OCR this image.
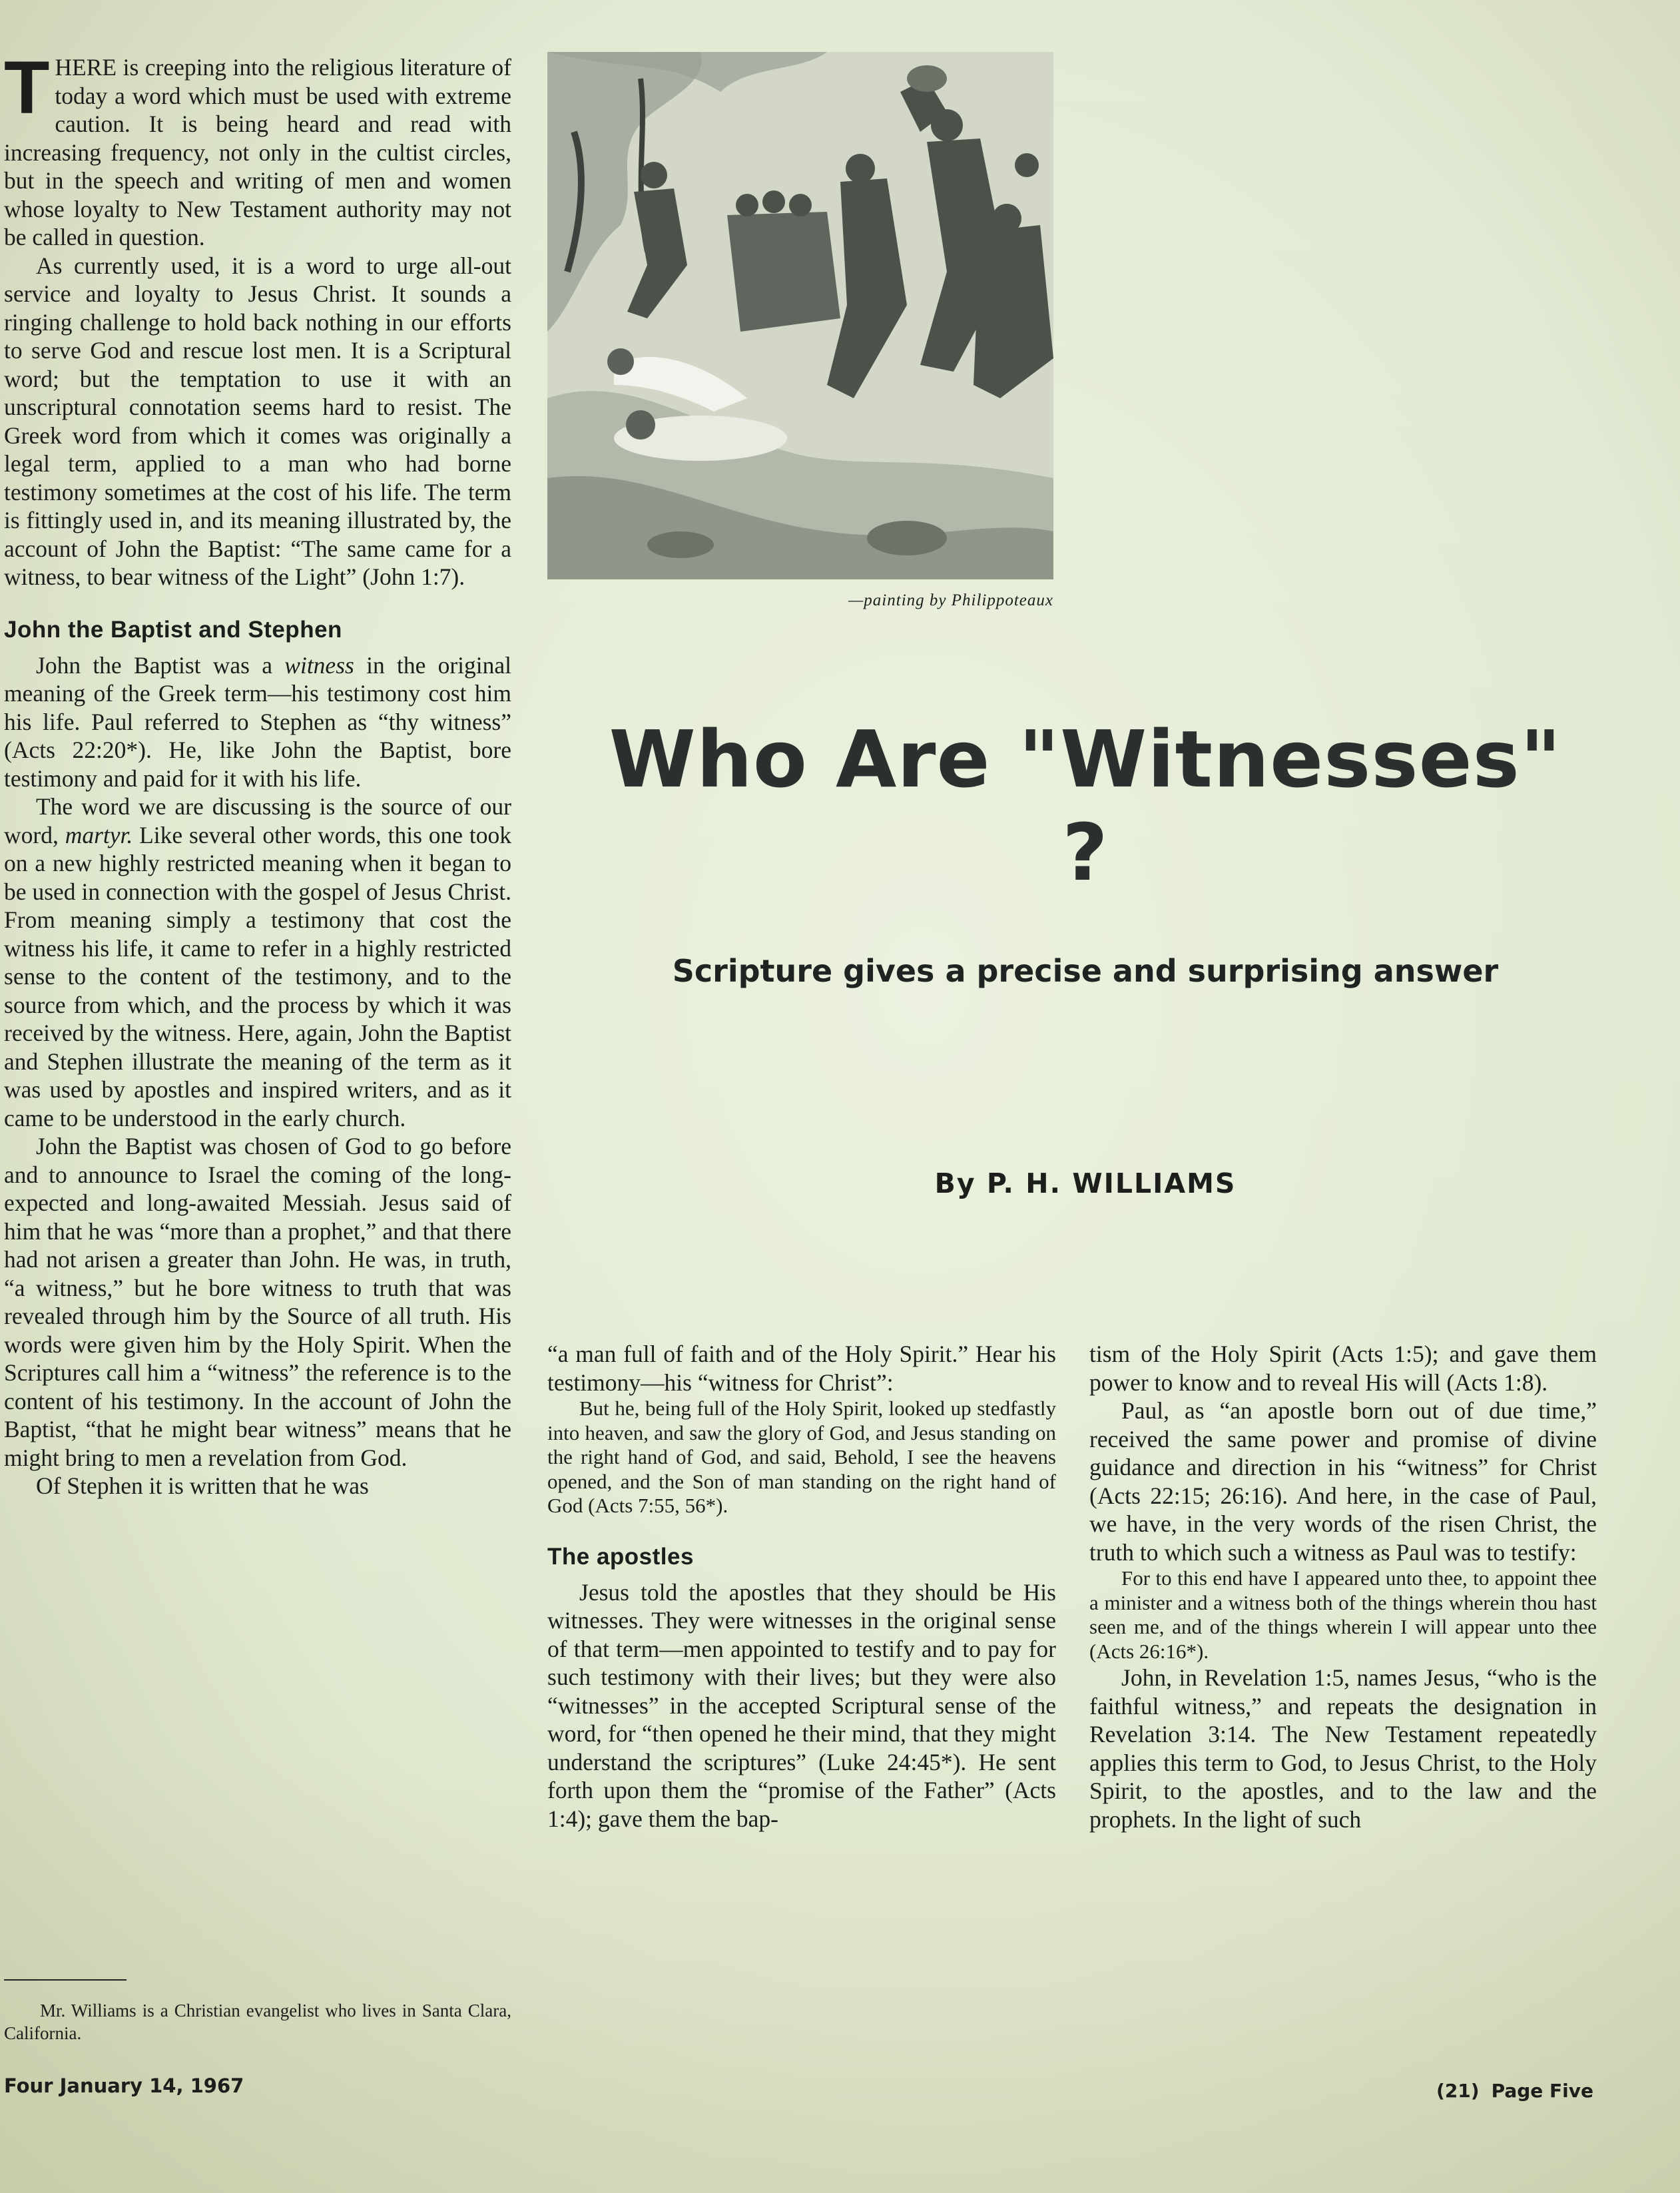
THERE is creeping into the religious literature of today a word which must be used with extreme caution. It is being heard and read with increasing frequency, not only in the cultist circles, but in the speech and writing of men and women whose loyalty to New Testament authority may not be called in question.

As currently used, it is a word to urge all-out service and loyalty to Jesus Christ. It sounds a ringing challenge to hold back nothing in our efforts to serve God and rescue lost men. It is a Scriptural word; but the temptation to use it with an unscriptural connotation seems hard to resist. The Greek word from which it comes was originally a legal term, applied to a man who had borne testimony sometimes at the cost of his life. The term is fittingly used in, and its meaning illustrated by, the account of John the Baptist: “The same came for a witness, to bear witness of the Light” (John 1:7).

John the Baptist and Stephen

John the Baptist was a witness in the original meaning of the Greek term—his testimony cost him his life. Paul referred to Stephen as “thy witness” (Acts 22:20*). He, like John the Baptist, bore testimony and paid for it with his life.

The word we are discussing is the source of our word, martyr. Like several other words, this one took on a new highly restricted meaning when it began to be used in connection with the gospel of Jesus Christ. From meaning simply a testimony that cost the witness his life, it came to refer in a highly restricted sense to the content of the testimony, and to the source from which, and the process by which it was received by the witness. Here, again, John the Baptist and Stephen illustrate the meaning of the term as it was used by apostles and inspired writers, and as it came to be understood in the early church.

John the Baptist was chosen of God to go before and to announce to Israel the coming of the long-expected and long-awaited Messiah. Jesus said of him that he was “more than a prophet,” and that there had not arisen a greater than John. He was, in truth, “a witness,” but he bore witness to truth that was revealed through him by the Source of all truth. His words were given him by the Holy Spirit. When the Scriptures call him a “witness” the reference is to the content of his testimony. In the account of John the Baptist, “that he might bear witness” means that he might bring to men a revelation from God.

Of Stephen it is written that he was

—painting by Philippoteaux
Who Are "Witnesses" ?
Scripture gives a precise and surprising answer
By P. H. WILLIAMS

“a man full of faith and of the Holy Spirit.” Hear his testimony—his “witness for Christ”:

But he, being full of the Holy Spirit, looked up stedfastly into heaven, and saw the glory of God, and Jesus standing on the right hand of God, and said, Behold, I see the heavens opened, and the Son of man standing on the right hand of God (Acts 7:55, 56*).

The apostles

Jesus told the apostles that they should be His witnesses. They were witnesses in the original sense of that term—men appointed to testify and to pay for such testimony with their lives; but they were also “witnesses” in the accepted Scriptural sense of the word, for “then opened he their mind, that they might understand the scriptures” (Luke 24:45*). He sent forth upon them the “promise of the Father” (Acts 1:4); gave them the bap-

tism of the Holy Spirit (Acts 1:5); and gave them power to know and to reveal His will (Acts 1:8).

Paul, as “an apostle born out of due time,” received the same power and promise of divine guidance and direction in his “witness” for Christ (Acts 22:15; 26:16). And here, in the case of Paul, we have, in the very words of the risen Christ, the truth to which such a witness as Paul was to testify:

For to this end have I appeared unto thee, to appoint thee a minister and a witness both of the things wherein thou hast seen me, and of the things wherein I will appear unto thee (Acts 26:16*).

John, in Revelation 1:5, names Jesus, “who is the faithful witness,” and repeats the designation in Revelation 3:14. The New Testament repeatedly applies this term to God, to Jesus Christ, to the Holy Spirit, to the apostles, and to the law and the prophets. In the light of such

Mr. Williams is a Christian evangelist who lives in Santa Clara, California.
Four January 14, 1967	(21) Page Five
